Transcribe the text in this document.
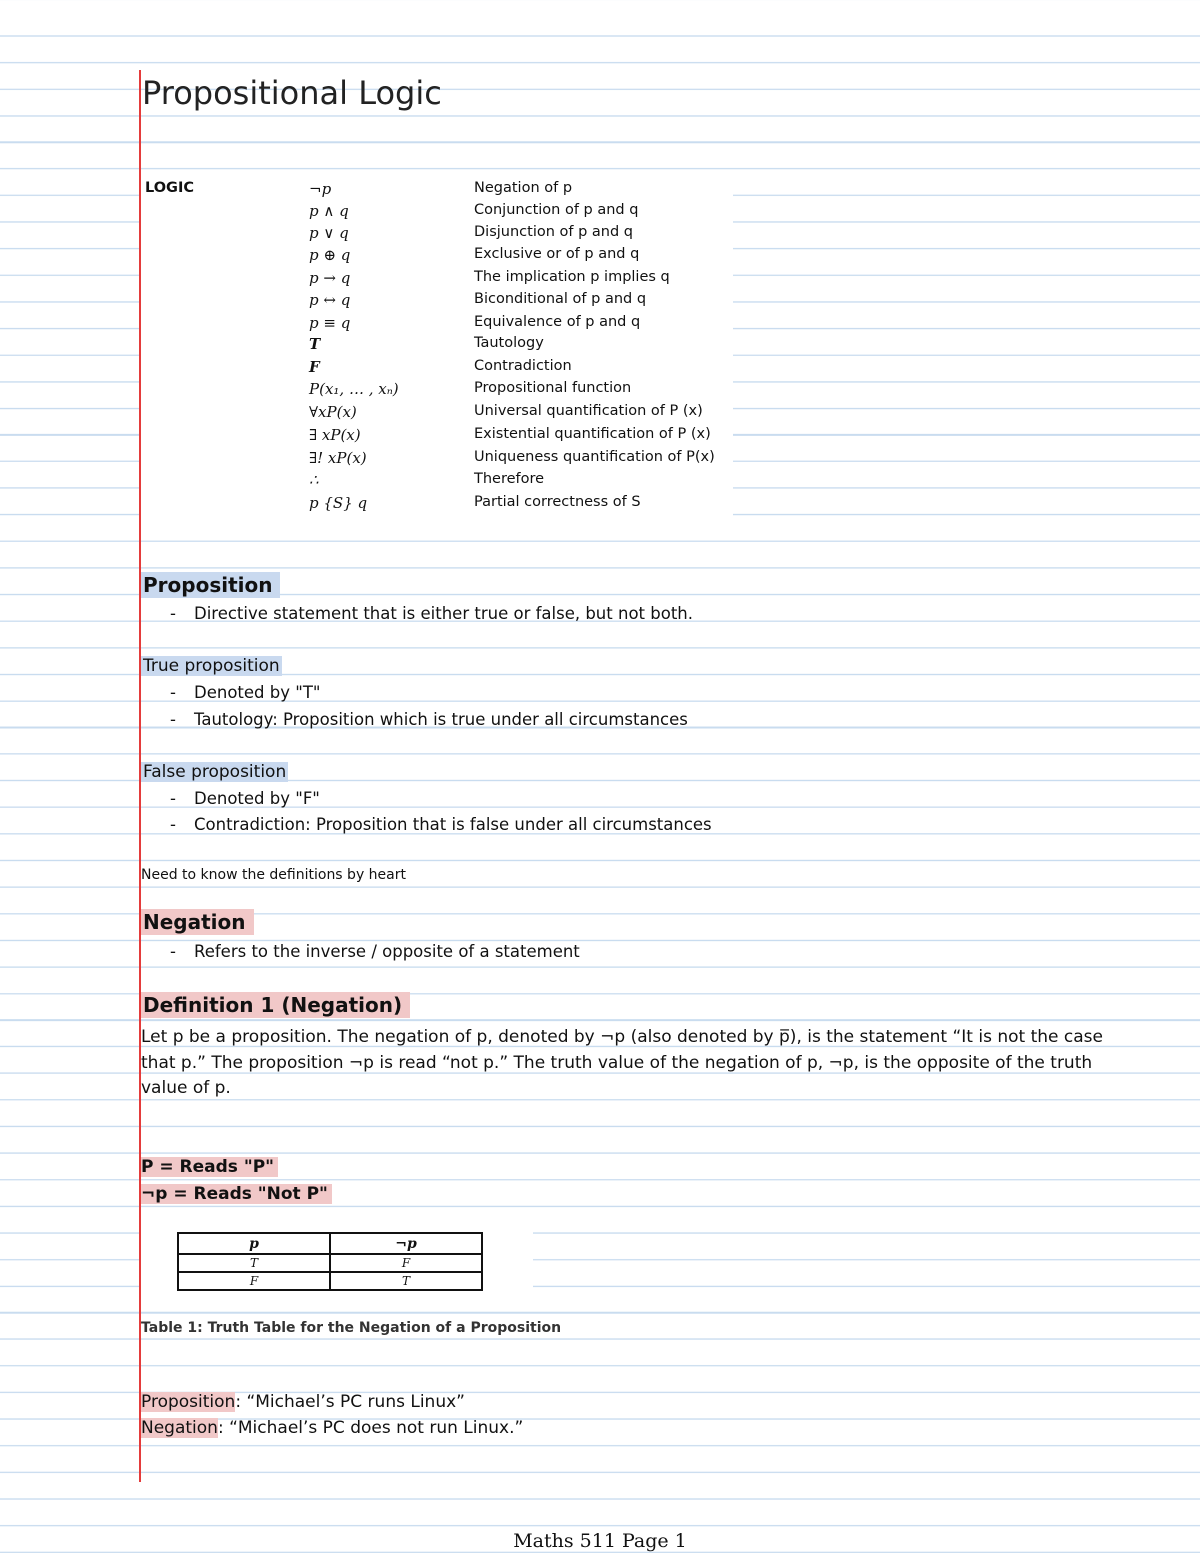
Propositional Logic
LOGIC	¬p	Negation of p
p ∧ q	Conjunction of p and q
p ∨ q	Disjunction of p and q
p ⊕ q	Exclusive or of p and q
p → q	The implication p implies q
p ↔ q	Biconditional of p and q
p ≡ q	Equivalence of p and q
T	Tautology
F	Contradiction
P(x₁, … , xₙ)	Propositional function
∀xP(x)	Universal quantification of P (x)
∃ xP(x)	Existential quantification of P (x)
∃! xP(x)	Uniqueness quantification of P(x)
∴	Therefore
p {S} q	Partial correctness of S
Proposition
- Directive statement that is either true or false, but not both.
True proposition
- Denoted by "T"
- Tautology: Proposition which is true under all circumstances
False proposition
- Denoted by "F"
- Contradiction: Proposition that is false under all circumstances
Need to know the definitions by heart
Negation
- Refers to the inverse / opposite of a statement
Definition 1 (Negation)
Let p be a proposition. The negation of p, denoted by ¬p (also denoted by p̅), is the statement “It is not the case that p.” The proposition ¬p is read “not p.” The truth value of the negation of p, ¬p, is the opposite of the truth value of p.
P = Reads "P"
¬p = Reads "Not P"
p	¬p
T	F
F	T
Table 1: Truth Table for the Negation of a Proposition
Proposition: “Michael’s PC runs Linux”
Negation: “Michael’s PC does not run Linux.”
Maths 511 Page 1
